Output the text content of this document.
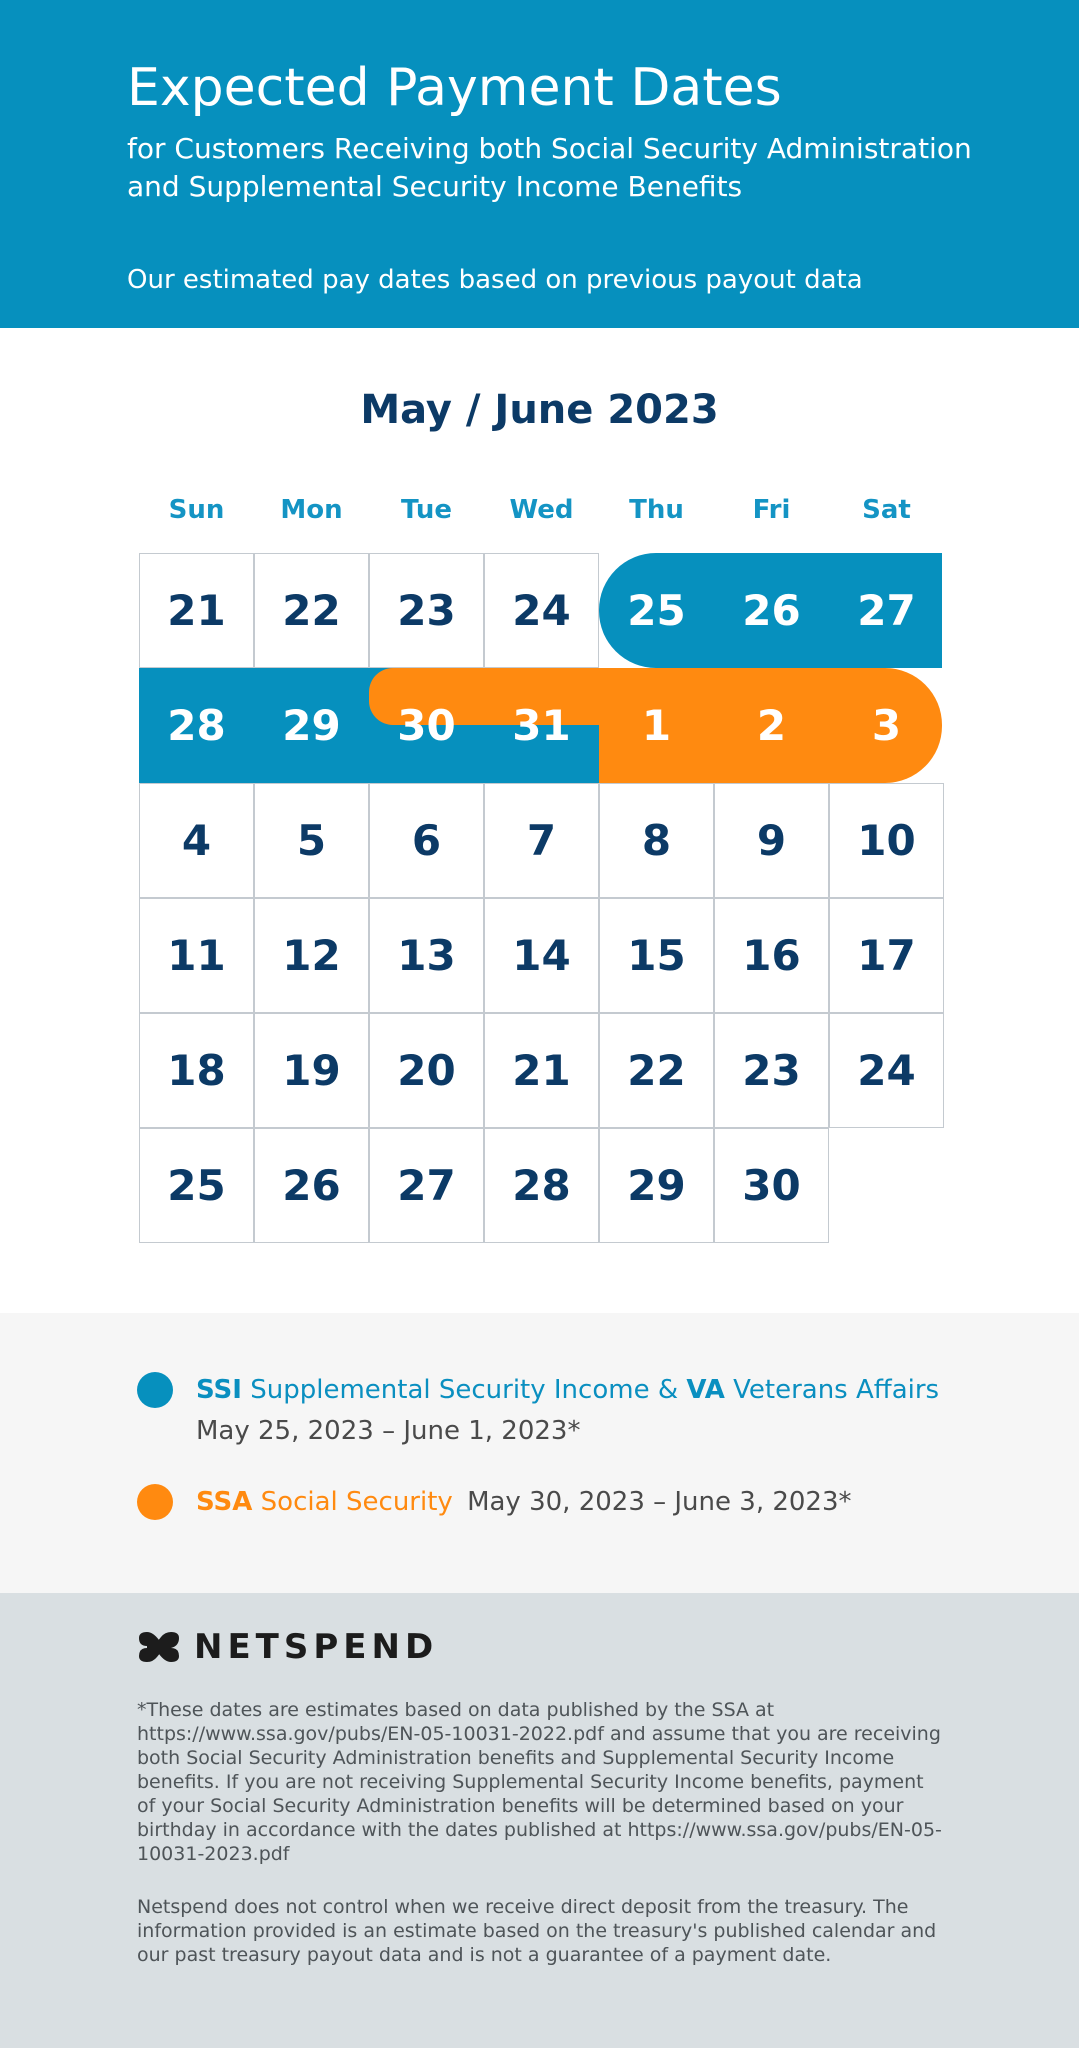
Expected Payment Dates
for Customers Receiving both Social Security Administration and Supplemental Security Income Benefits
Our estimated pay dates based on previous payout data
May / June 2023
Sun	Mon	Tue	Wed	Thu	Fri	Sat
21	22	23	24	25	26	27
28	29	30	31	1	2	3
4	5	6	7	8	9	10
11	12	13	14	15	16	17
18	19	20	21	22	23	24
25	26	27	28	29	30
SSI Supplemental Security Income & VA Veterans Affairs
May 25, 2023 – June 1, 2023*
SSA Social Security May 30, 2023 – June 3, 2023*
NETSPEND
*These dates are estimates based on data published by the SSA at https://www.ssa.gov/pubs/EN-05-10031-2022.pdf and assume that you are receiving both Social Security Administration benefits and Supplemental Security Income benefits. If you are not receiving Supplemental Security Income benefits, payment of your Social Security Administration benefits will be determined based on your birthday in accordance with the dates published at https://www.ssa.gov/pubs/EN-05-10031-2023.pdf
Netspend does not control when we receive direct deposit from the treasury. The information provided is an estimate based on the treasury's published calendar and our past treasury payout data and is not a guarantee of a payment date.
